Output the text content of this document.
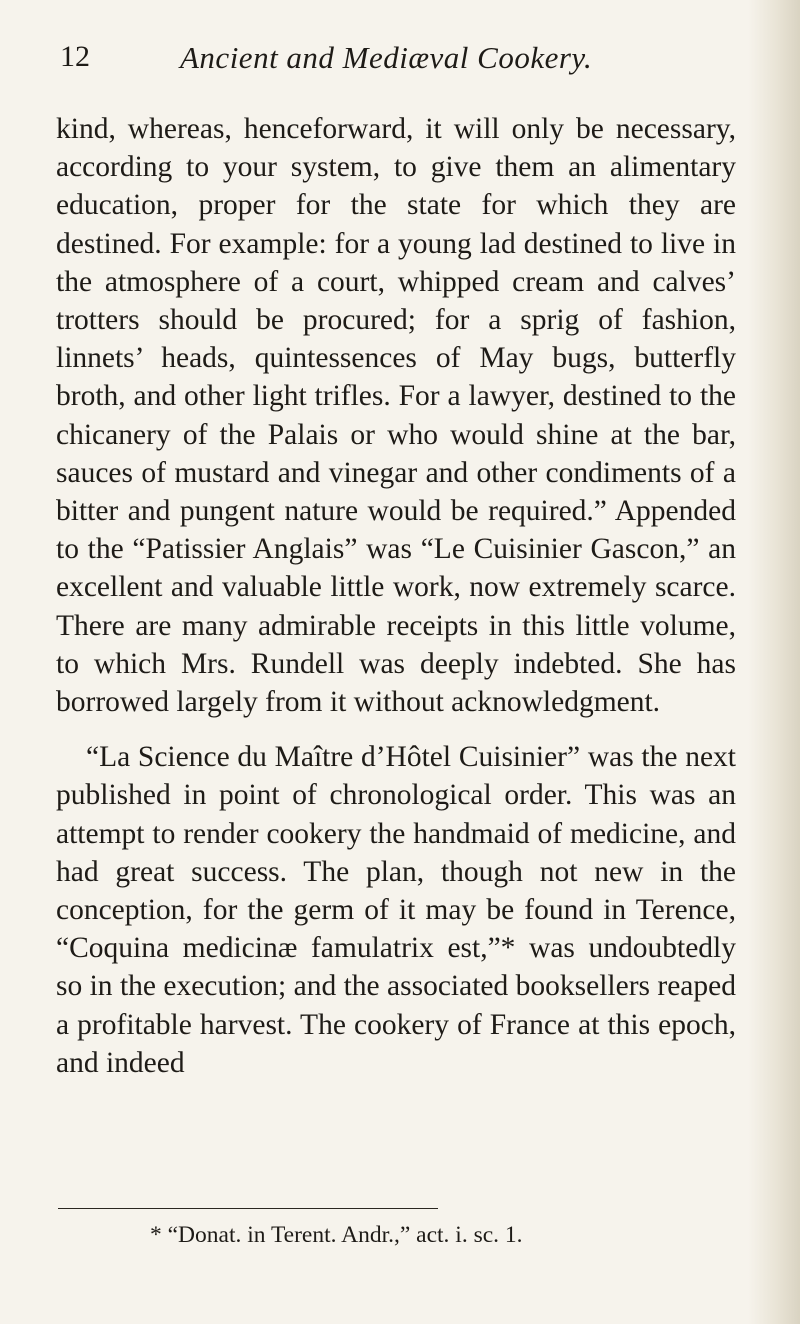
12	Ancient and Mediæval Cookery.

kind, whereas, henceforward, it will only be necessary, according to your system, to give them an alimentary education, proper for the state for which they are destined. For example: for a young lad destined to live in the atmosphere of a court, whipped cream and calves’ trotters should be procured; for a sprig of fashion, linnets’ heads, quintessences of May bugs, butterfly broth, and other light trifles. For a lawyer, destined to the chicanery of the Palais or who would shine at the bar, sauces of mustard and vinegar and other condiments of a bitter and pungent nature would be required.” Appended to the “Patissier Anglais” was “Le Cuisinier Gascon,” an excellent and valuable little work, now extremely scarce. There are many admirable receipts in this little volume, to which Mrs. Rundell was deeply indebted. She has borrowed largely from it without acknowledgment.

“La Science du Maître d’Hôtel Cuisinier” was the next published in point of chronological order. This was an attempt to render cookery the handmaid of medicine, and had great success. The plan, though not new in the conception, for the germ of it may be found in Terence, “Coquina medicinæ famulatrix est,”* was undoubtedly so in the execution; and the associated booksellers reaped a profitable harvest. The cookery of France at this epoch, and indeed

* “Donat. in Terent. Andr.,” act. i. sc. 1.
